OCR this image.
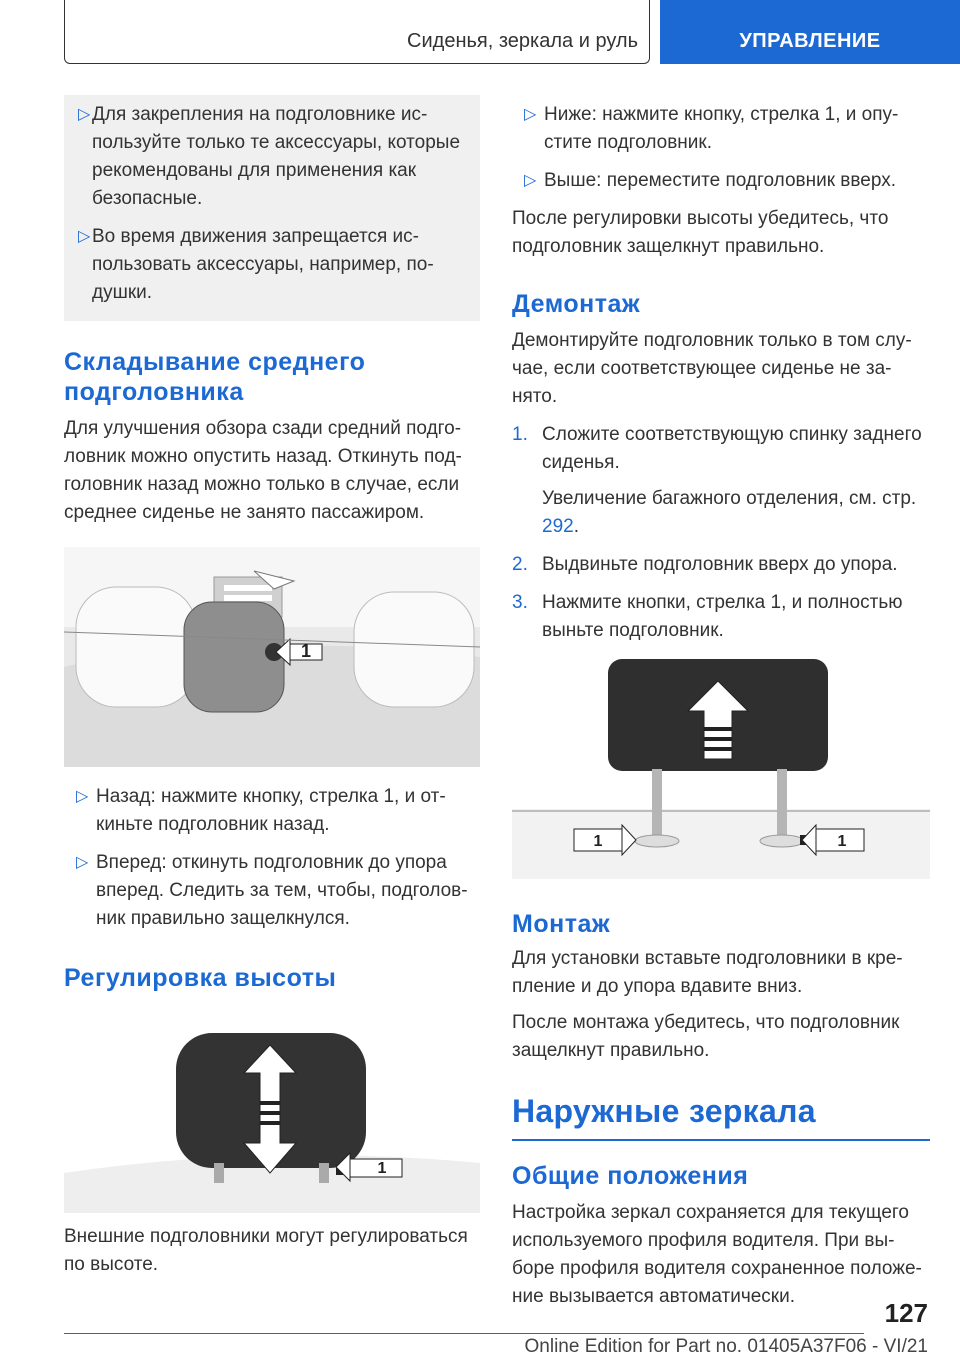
Сиденья, зеркала и руль	УПРАВЛЕНИЕ
▷ Для закрепления на подголовнике используйте только те аксессуары, которые рекомендованы для применения как безопасные.
▷ Во время движения запрещается использовать аксессуары, например, подушки.
Складывание среднего подголовника

Для улучшения обзора сзади средний подголовник можно опустить назад. Откинуть подголовник назад можно только в случае, если среднее сиденье не занято пассажиром.

1
▷ Назад: нажмите кнопку, стрелка 1, и откиньте подголовник назад.
▷ Вперед: откинуть подголовник до упора вперед. Следить за тем, чтобы, подголовник правильно защелкнулся.
Регулировка высоты
1

Внешние подголовники могут регулироваться по высоте.

▷ Ниже: нажмите кнопку, стрелка 1, и опустите подголовник.
▷ Выше: переместите подголовник вверх.

После регулировки высоты убедитесь, что подголовник защелкнут правильно.

Демонтаж

Демонтируйте подголовник только в том случае, если соответствующее сиденье не занято.

1. Сложите соответствующую спинку заднего сиденья.
Увеличение багажного отделения, см. стр. 292.
2. Выдвиньте подголовник вверх до упора.
3. Нажмите кнопки, стрелка 1, и полностью выньте подголовник.
1	1
Монтаж

Для установки вставьте подголовники в крепление и до упора вдавите вниз.

После монтажа убедитесь, что подголовник защелкнут правильно.

Наружные зеркала
Общие положения

Настройка зеркал сохраняется для текущего используемого профиля водителя. При выборе профиля водителя сохраненное положение вызывается автоматически.

127
Online Edition for Part no. 01405A37F06 - VI/21
